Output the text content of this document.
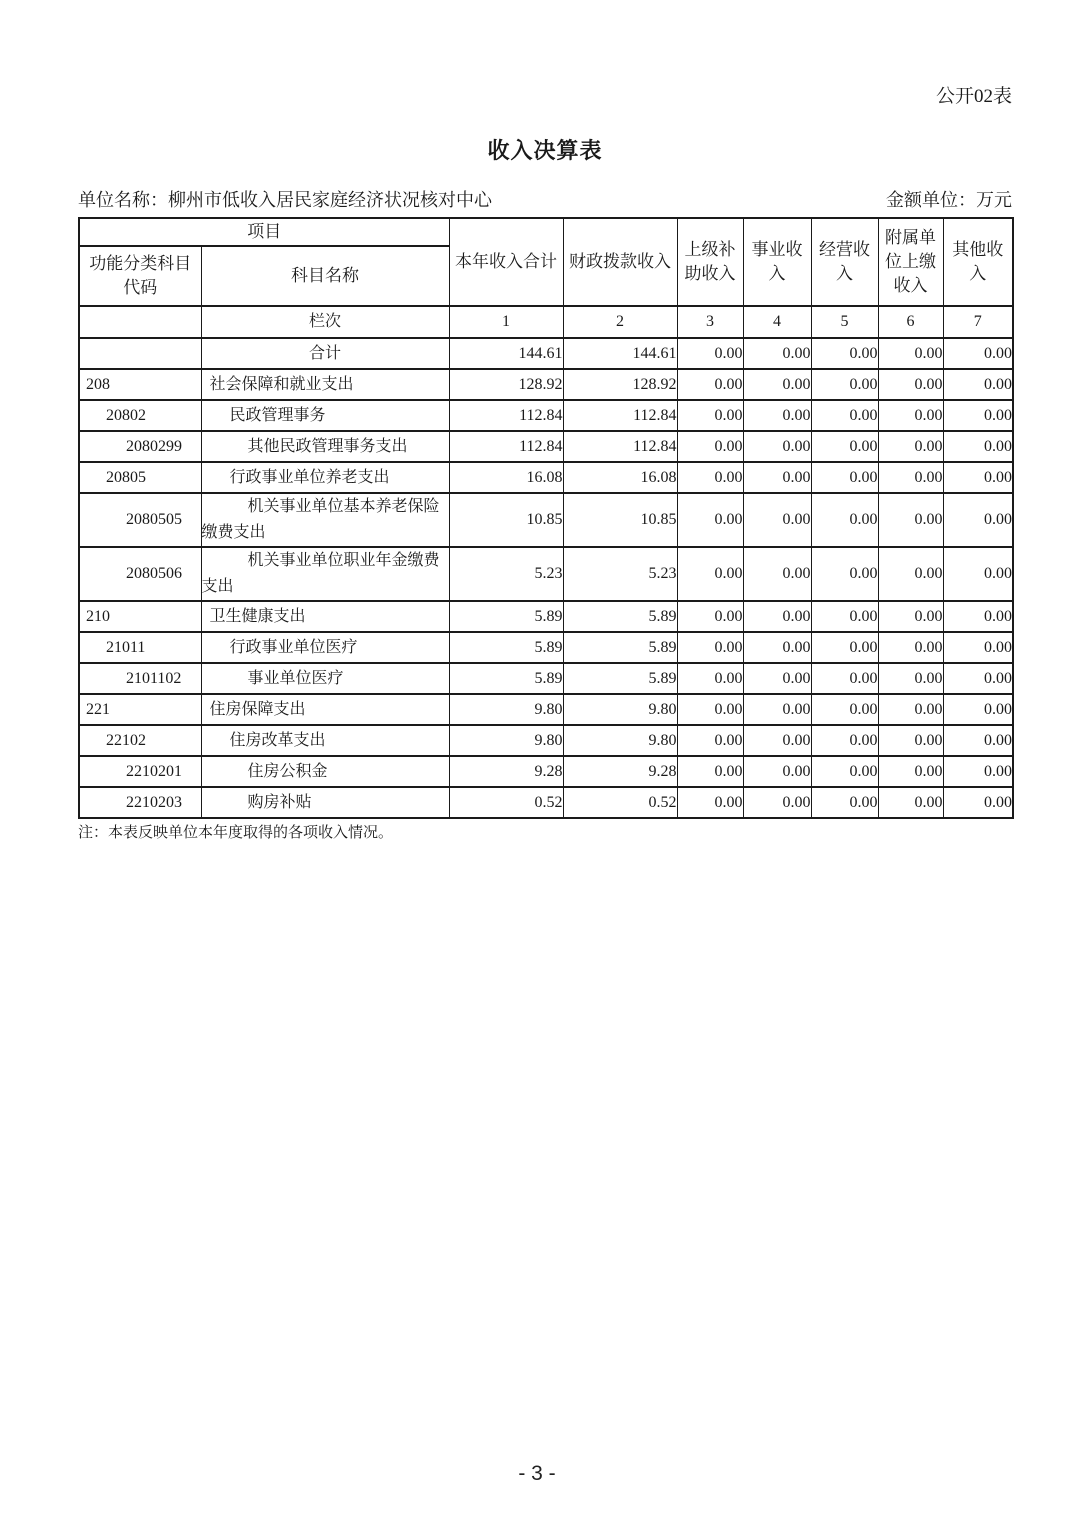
公开02表
收入决算表
单位名称：柳州市低收入居民家庭经济状况核对中心	金额单位：万元
项目		本年收入合计	财政拨款收入	上级补助收入	事业收入	经营收入	附属单位上缴收入	其他收入
功能分类科目代码	科目名称							
	栏次	1	2	3	4	5	6	7
	合计	144.61	144.61	0.00	0.00	0.00	0.00	0.00
208	社会保障和就业支出	128.92	128.92	0.00	0.00	0.00	0.00	0.00
20802	民政管理事务	112.84	112.84	0.00	0.00	0.00	0.00	0.00
2080299	其他民政管理事务支出	112.84	112.84	0.00	0.00	0.00	0.00	0.00
20805	行政事业单位养老支出	16.08	16.08	0.00	0.00	0.00	0.00	0.00
2080505	机关事业单位基本养老保险缴费支出	10.85	10.85	0.00	0.00	0.00	0.00	0.00
2080506	机关事业单位职业年金缴费支出	5.23	5.23	0.00	0.00	0.00	0.00	0.00
210	卫生健康支出	5.89	5.89	0.00	0.00	0.00	0.00	0.00
21011	行政事业单位医疗	5.89	5.89	0.00	0.00	0.00	0.00	0.00
2101102	事业单位医疗	5.89	5.89	0.00	0.00	0.00	0.00	0.00
221	住房保障支出	9.80	9.80	0.00	0.00	0.00	0.00	0.00
22102	住房改革支出	9.80	9.80	0.00	0.00	0.00	0.00	0.00
2210201	住房公积金	9.28	9.28	0.00	0.00	0.00	0.00	0.00
2210203	购房补贴	0.52	0.52	0.00	0.00	0.00	0.00	0.00
注：本表反映单位本年度取得的各项收入情况。
- 3 -
